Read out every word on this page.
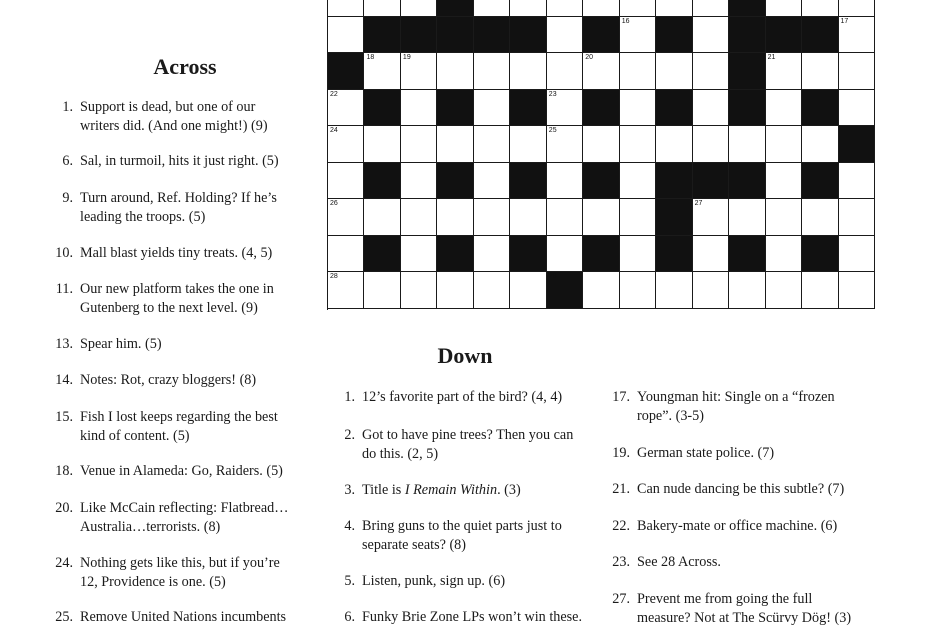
Across
1. Support is dead, but one of our
writers did. (And one might!) (9)
6. Sal, in turmoil, hits it just right. (5)
9. Turn around, Ref. Holding? If he’s
leading the troops. (5)
10. Mall blast yields tiny treats. (4, 5)
11. Our new platform takes the one in
Gutenberg to the next level. (9)
13. Spear him. (5)
14. Notes: Rot, crazy bloggers! (8)
15. Fish I lost keeps regarding the best
kind of content. (5)
18. Venue in Alameda: Go, Raiders. (5)
20. Like McCain reflecting: Flatbread…
Australia…terrorists. (8)
24. Nothing gets like this, but if you’re
12, Providence is one. (5)
25. Remove United Nations incumbents
16	17
18	19	20	21
22	23
24	25
26	27
28	29
Down
1. 12’s favorite part of the bird? (4, 4)
2. Got to have pine trees? Then you can
do this. (2, 5)
3. Title is I Remain Within. (3)
4. Bring guns to the quiet parts just to
separate seats? (8)
5. Listen, punk, sign up. (6)
6. Funky Brie Zone LPs won’t win these.
17. Youngman hit: Single on a “frozen
rope”. (3-5)
19. German state police. (7)
21. Can nude dancing be this subtle? (7)
22. Bakery-mate or office machine. (6)
23. See 28 Across.
27. Prevent me from going the full
measure? Not at The Scürvy Dög! (3)
